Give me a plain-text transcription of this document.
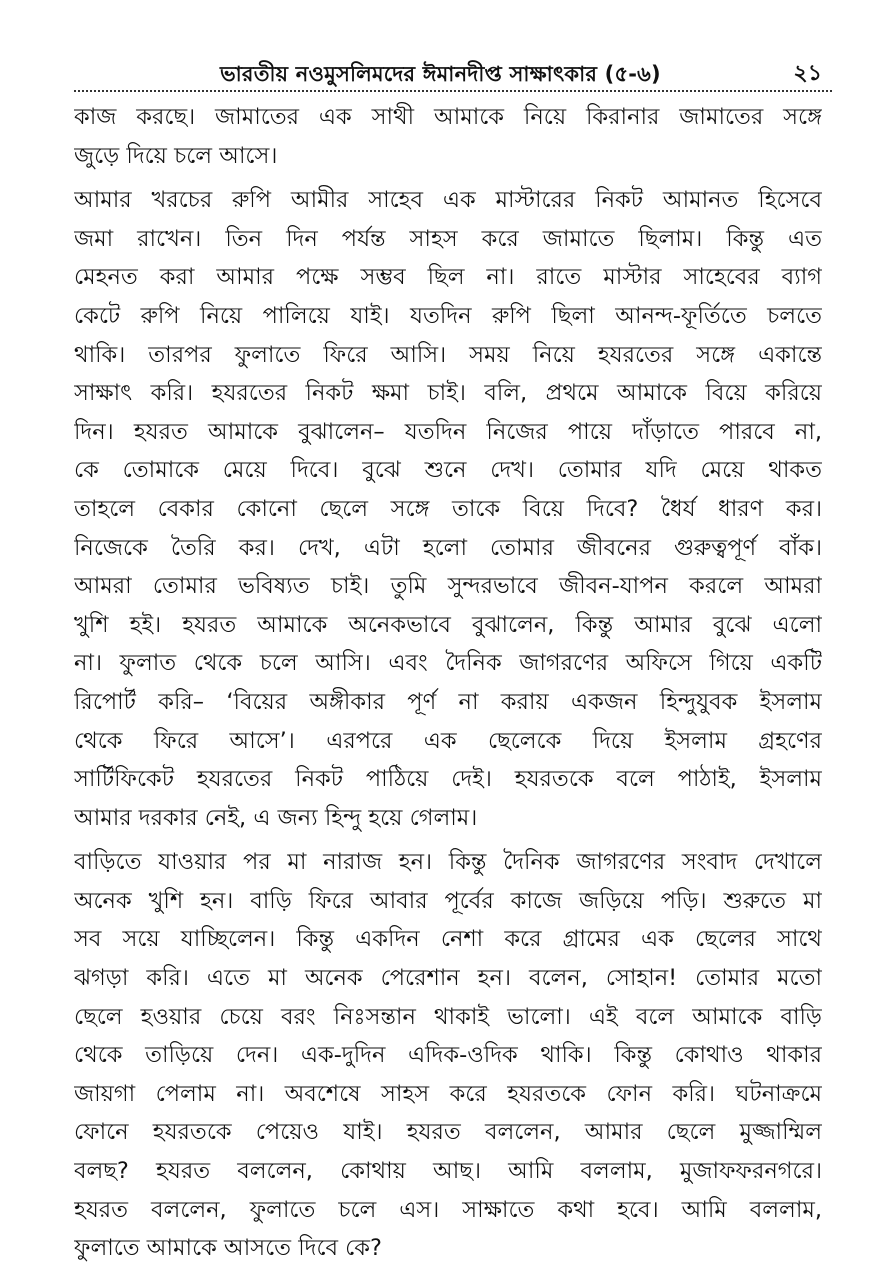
ভারতীয় নওমুসলিমদের ঈমানদীপ্ত সাক্ষাৎকার (৫-৬)	২১
কাজ করছে। জামাতের এক সাথী আমাকে নিয়ে কিরানার জামাতের সঙ্গে
জুড়ে দিয়ে চলে আসে।
আমার খরচের রুপি আমীর সাহেব এক মাস্টারের নিকট আমানত হিসেবে
জমা রাখেন। তিন দিন পর্যন্ত সাহস করে জামাতে ছিলাম। কিন্তু এত
মেহনত করা আমার পক্ষে সম্ভব ছিল না। রাতে মাস্টার সাহেবের ব্যাগ
কেটে রুপি নিয়ে পালিয়ে যাই। যতদিন রুপি ছিলা আনন্দ-ফূর্তিতে চলতে
থাকি। তারপর ফুলাতে ফিরে আসি। সময় নিয়ে হযরতের সঙ্গে একান্তে
সাক্ষাৎ করি। হযরতের নিকট ক্ষমা চাই। বলি, প্রথমে আমাকে বিয়ে করিয়ে
দিন। হযরত আমাকে বুঝালেন– যতদিন নিজের পায়ে দাঁড়াতে পারবে না,
কে তোমাকে মেয়ে দিবে। বুঝে শুনে দেখ। তোমার যদি মেয়ে থাকত
তাহলে বেকার কোনো ছেলে সঙ্গে তাকে বিয়ে দিবে? ধৈর্য ধারণ কর।
নিজেকে তৈরি কর। দেখ, এটা হলো তোমার জীবনের গুরুত্বপূর্ণ বাঁক।
আমরা তোমার ভবিষ্যত চাই। তুমি সুন্দরভাবে জীবন-যাপন করলে আমরা
খুশি হই। হযরত আমাকে অনেকভাবে বুঝালেন, কিন্তু আমার বুঝে এলো
না। ফুলাত থেকে চলে আসি। এবং দৈনিক জাগরণের অফিসে গিয়ে একটি
রিপোর্ট করি– ‘বিয়ের অঙ্গীকার পূর্ণ না করায় একজন হিন্দুযুবক ইসলাম
থেকে ফিরে আসে’। এরপরে এক ছেলেকে দিয়ে ইসলাম গ্রহণের
সার্টিফিকেট হযরতের নিকট পাঠিয়ে দেই। হযরতকে বলে পাঠাই, ইসলাম
আমার দরকার নেই, এ জন্য হিন্দু হয়ে গেলাম।
বাড়িতে যাওয়ার পর মা নারাজ হন। কিন্তু দৈনিক জাগরণের সংবাদ দেখালে
অনেক খুশি হন। বাড়ি ফিরে আবার পূর্বের কাজে জড়িয়ে পড়ি। শুরুতে মা
সব সয়ে যাচ্ছিলেন। কিন্তু একদিন নেশা করে গ্রামের এক ছেলের সাথে
ঝগড়া করি। এতে মা অনেক পেরেশান হন। বলেন, সোহান! তোমার মতো
ছেলে হওয়ার চেয়ে বরং নিঃসন্তান থাকাই ভালো। এই বলে আমাকে বাড়ি
থেকে তাড়িয়ে দেন। এক-দুদিন এদিক-ওদিক থাকি। কিন্তু কোথাও থাকার
জায়গা পেলাম না। অবশেষে সাহস করে হযরতকে ফোন করি। ঘটনাক্রমে
ফোনে হযরতকে পেয়েও যাই। হযরত বললেন, আমার ছেলে মুজ্জাম্মিল
বলছ? হযরত বললেন, কোথায় আছ। আমি বললাম, মুজাফফরনগরে।
হযরত বললেন, ফুলাতে চলে এস। সাক্ষাতে কথা হবে। আমি বললাম,
ফুলাতে আমাকে আসতে দিবে কে?
